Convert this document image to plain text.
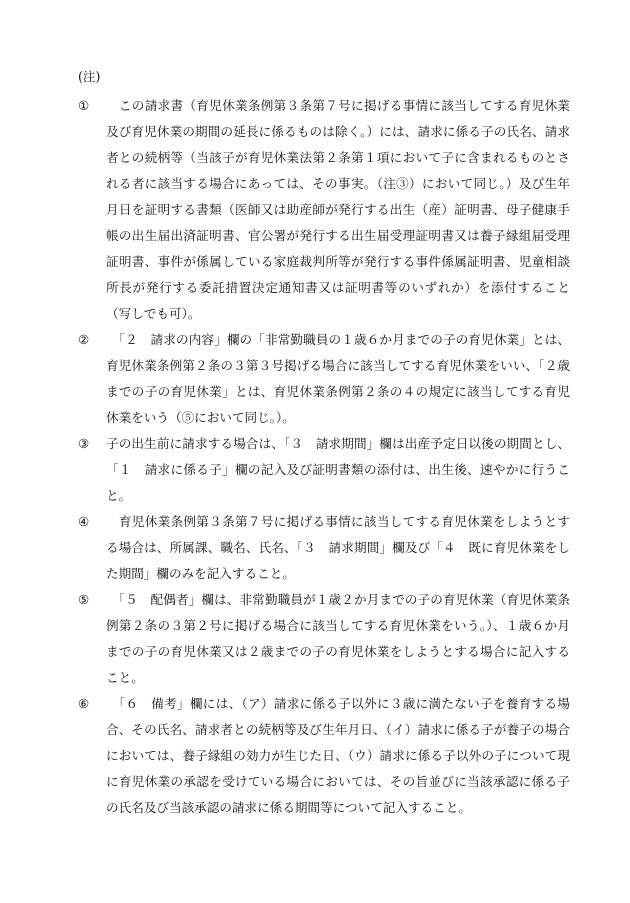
(注)

①	　この請求書（育児休業条例第３条第７号に掲げる事情に該当してする育児休業及び育児休業の期間の延長に係るものは除く。）には、請求に係る子の氏名、請求者との続柄等（当該子が育児休業法第２条第１項において子に含まれるものとされる者に該当する場合にあっては、その事実。（注③）において同じ。）及び生年月日を証明する書類（医師又は助産師が発行する出生（産）証明書、母子健康手帳の出生届出済証明書、官公署が発行する出生届受理証明書又は養子縁組届受理証明書、事件が係属している家庭裁判所等が発行する事件係属証明書、児童相談所長が発行する委託措置決定通知書又は証明書等のいずれか）を添付すること（写しでも可）。

②	　「２　請求の内容」欄の「非常勤職員の１歳６か月までの子の育児休業」とは、育児休業条例第２条の３第３号掲げる場合に該当してする育児休業をいい、「２歳までの子の育児休業」とは、育児休業条例第２条の４の規定に該当してする育児休業をいう（⑤において同じ。）。

③	子の出生前に請求する場合は、「３　請求期間」欄は出産予定日以後の期間とし、「１　請求に係る子」欄の記入及び証明書類の添付は、出生後、速やかに行うこと。

④	　育児休業条例第３条第７号に掲げる事情に該当してする育児休業をしようとする場合は、所属課、職名、氏名、「３　請求期間」欄及び「４　既に育児休業をした期間」欄のみを記入すること。

⑤	　「５　配偶者」欄は、非常勤職員が１歳２か月までの子の育児休業（育児休業条例第２条の３第２号に掲げる場合に該当してする育児休業をいう。）、１歳６か月までの子の育児休業又は２歳までの子の育児休業をしようとする場合に記入すること。

⑥	　「６　備考」欄には、（ア）請求に係る子以外に３歳に満たない子を養育する場合、その氏名、請求者との続柄等及び生年月日、（イ）請求に係る子が養子の場合においては、養子縁組の効力が生じた日、（ウ）請求に係る子以外の子について現に育児休業の承認を受けている場合においては、その旨並びに当該承認に係る子の氏名及び当該承認の請求に係る期間等について記入すること。
